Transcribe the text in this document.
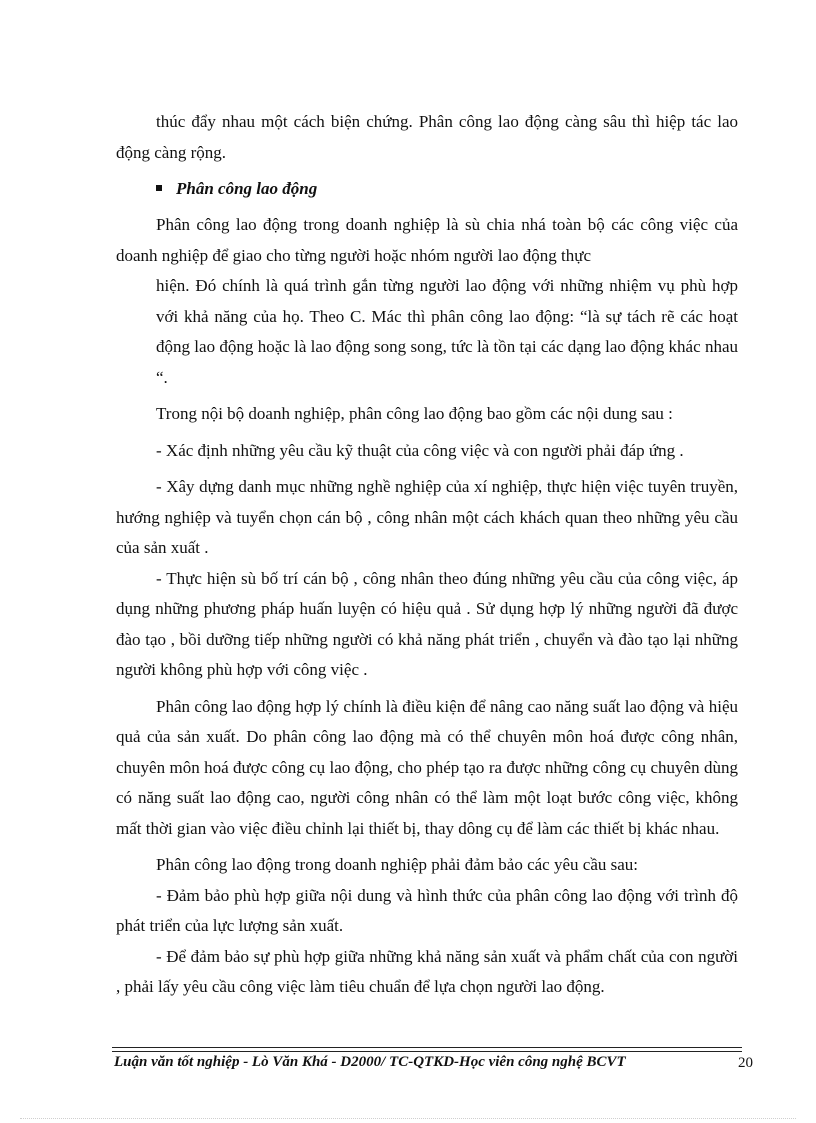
thúc đẩy nhau một cách biện chứng. Phân công lao động càng sâu thì hiệp tác lao động càng rộng.

Phân công lao động

Phân công lao động trong doanh nghiệp là sù chia nhá toàn bộ các công việc của doanh nghiệp để giao cho từng người hoặc nhóm người lao động thực

hiện. Đó chính là quá trình gắn từng người lao động với những nhiệm vụ phù hợp với khả năng của họ. Theo C. Mác thì phân công lao động: “là sự tách rẽ các hoạt động lao động hoặc là lao động song song, tức là tồn tại các dạng lao động khác nhau “.

Trong nội bộ doanh nghiệp, phân công lao động bao gồm các nội dung sau :

- Xác định những yêu cầu kỹ thuật của công việc và con người phải đáp ứng .

- Xây dựng danh mục những nghề nghiệp của xí nghiệp, thực hiện việc tuyên truyền, hướng nghiệp và tuyển chọn cán bộ , công nhân một cách khách quan theo những yêu cầu của sản xuất .

- Thực hiện sù bố trí cán bộ , công nhân theo đúng những yêu cầu của công việc, áp dụng những phương pháp huấn luyện có hiệu quả . Sử dụng hợp lý những người đã được đào tạo , bồi dưỡng tiếp những người có khả năng phát triển , chuyển và đào tạo lại những người không phù hợp với công việc .

Phân công lao động hợp lý chính là điều kiện để nâng cao năng suất lao động và hiệu quả của sản xuất. Do phân công lao động mà có thể chuyên môn hoá được công nhân, chuyên môn hoá được công cụ lao động, cho phép tạo ra được những công cụ chuyên dùng có năng suất lao động cao, người công nhân có thể làm một loạt bước công việc, không mất thời gian vào việc điều chỉnh lại thiết bị, thay dông cụ để làm các thiết bị khác nhau.

Phân công lao động trong doanh nghiệp phải đảm bảo các yêu cầu sau:

- Đảm bảo phù hợp giữa nội dung và hình thức của phân công lao động với trình độ phát triển của lực lượng sản xuất.

- Để đảm bảo sự phù hợp giữa những khả năng sản xuất và phẩm chất của con người , phải lấy yêu cầu công việc làm tiêu chuẩn để lựa chọn người lao động.

Luận văn tốt nghiệp - Lò Văn Khá - D2000/ TC-QTKD-Học viên công nghệ BCVT	20
